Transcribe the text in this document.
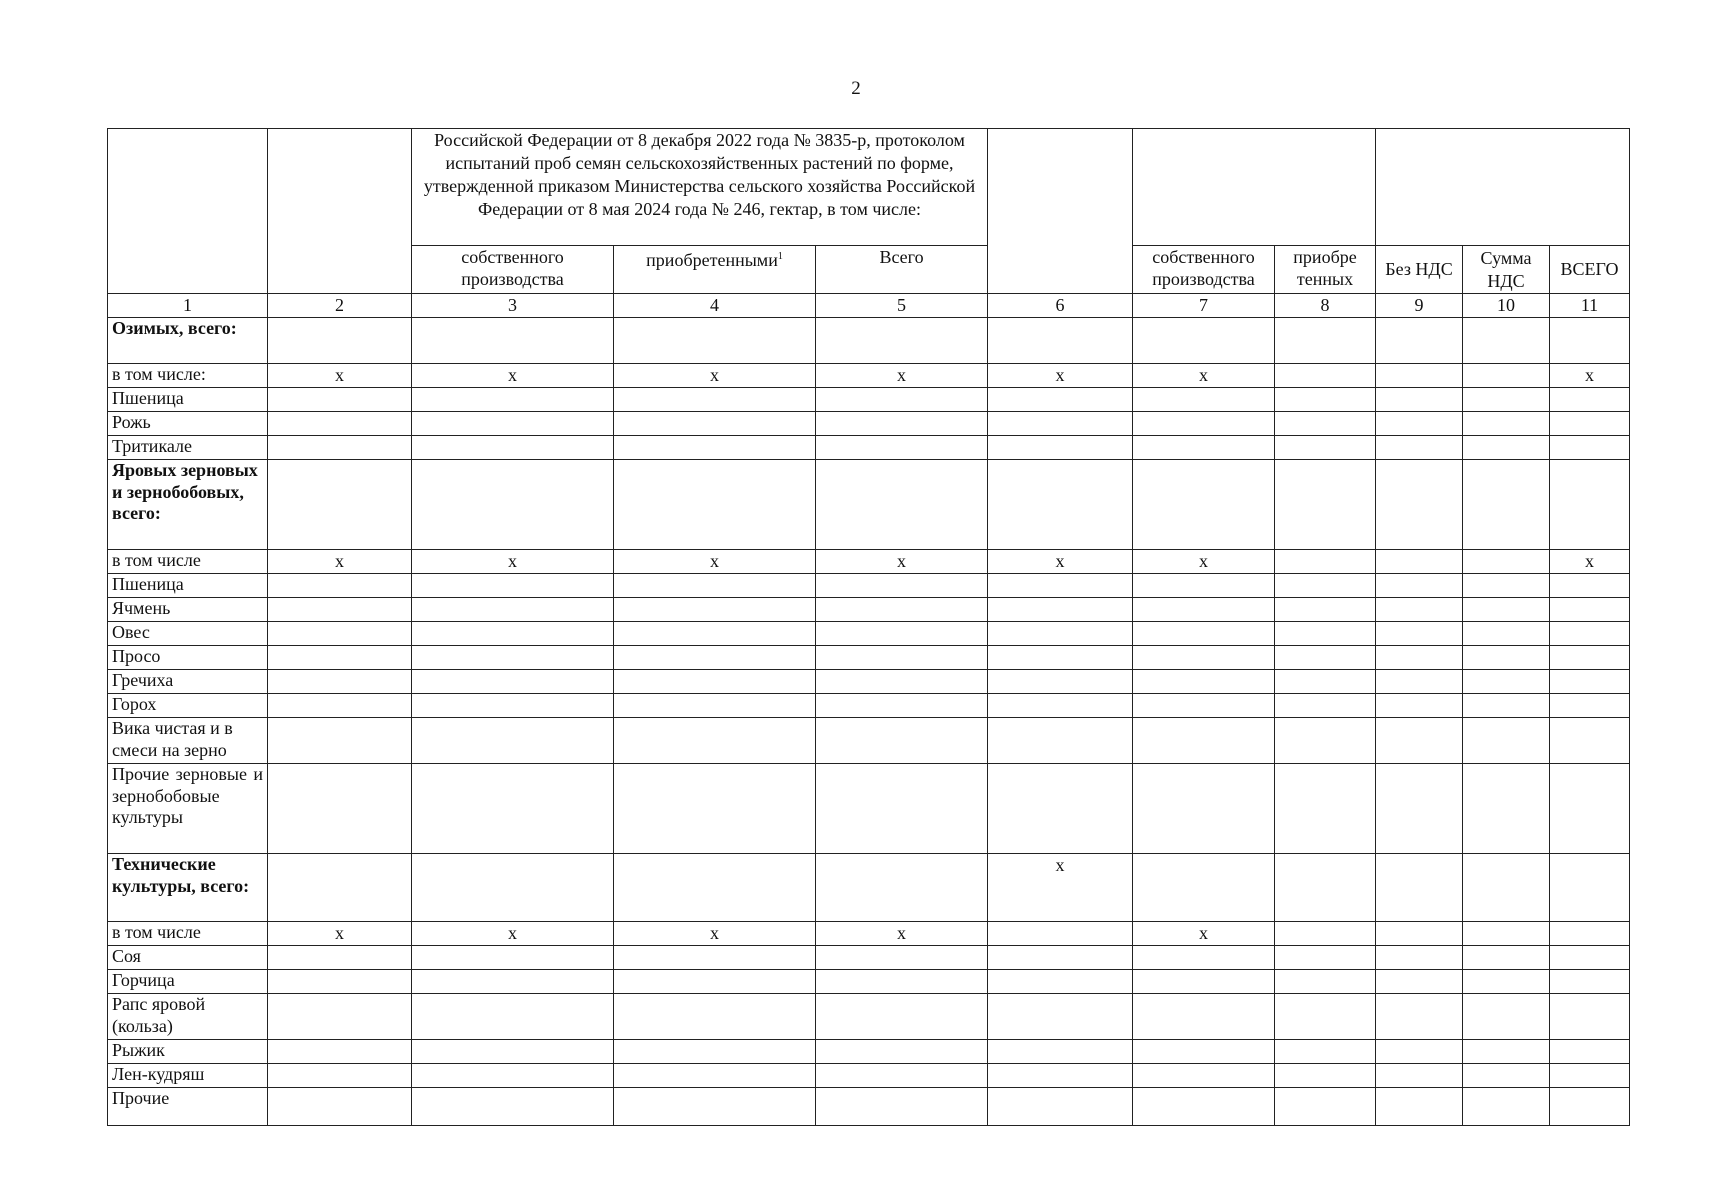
2
		Российской Федерации от 8 декабря 2022 года № 3835-р, протоколом испытаний проб семян сельскохозяйственных растений по форме, утвержденной приказом Министерства сельского хозяйства Российской Федерации от 8 мая 2024 года № 246, гектар, в том числе:								
		собственного производства	приобретенными$^1$	Всего		собственного производства	приобре тенных	Без НДС	Сумма НДС	ВСЕГО
1	2	3	4	5	6	7	8	9	10	11
Озимых, всего:										
в том числе:	x	x	x	x	x	x				x
Пшеница										
Рожь										
Тритикале										
Яровых зерновых и зернобобовых, всего:										
в том числе	x	x	x	x	x	x				x
Пшеница										
Ячмень										
Овес										
Просо										
Гречиха										
Горох										
Вика чистая и в смеси на зерно										
Прочие зерновые и зернобобовые культуры										
Технические культуры, всего:					x					
в том числе	x	x	x	x		x				
Соя										
Горчица										
Рапс яровой (кольза)										
Рыжик										
Лен-кудряш										
Прочие										
